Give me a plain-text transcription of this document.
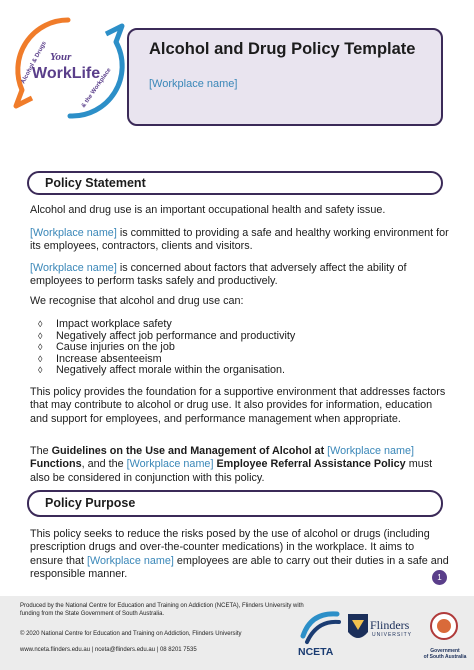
Your
WorkLife
Alcohol & Drugs
& the Workplace
Alcohol and Drug Policy Template
[Workplace name]
Policy Statement
Alcohol and drug use is an important occupational health and safety issue.
[Workplace name] is committed to providing a safe and healthy working environment for its employees, contractors, clients and visitors.
[Workplace name] is concerned about factors that adversely affect the ability of employees to perform tasks safely and productively.
We recognise that alcohol and drug use can:
◊ Impact workplace safety
◊ Negatively affect job performance and productivity
◊ Cause injuries on the job
◊ Increase absenteeism
◊ Negatively affect morale within the organisation.
This policy provides the foundation for a supportive environment that addresses factors that may contribute to alcohol or drug use. It also provides for information, education and support for employees, and performance management when appropriate.
The Guidelines on the Use and Management of Alcohol at [Workplace name] Functions, and the [Workplace name] Employee Referral Assistance Policy must also be considered in conjunction with this policy.
Policy Purpose
This policy seeks to reduce the risks posed by the use of alcohol or drugs (including prescription drugs and over-the-counter medications) in the workplace. It aims to ensure that [Workplace name] employees are able to carry out their duties in a safe and responsible manner.	1
Produced by the National Centre for Education and Training on Addiction (NCETA), Flinders University with funding from the State Government of South Australia.
© 2020 National Centre for Education and Training on Addiction, Flinders University
www.nceta.flinders.edu.au | nceta@flinders.edu.au | 08 8201 7535	NCETA
Flinders
UNIVERSITY
Government
of South Australia
